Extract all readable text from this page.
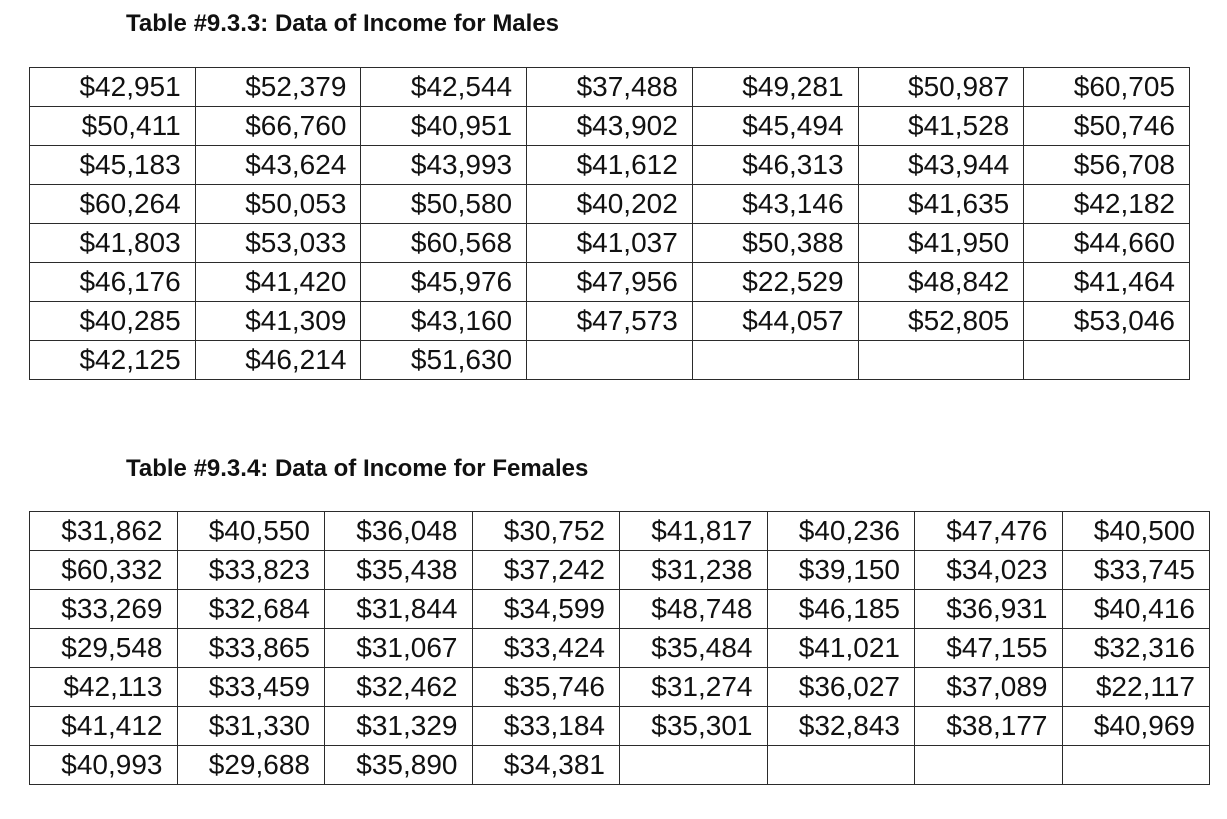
Table #9.3.3: Data of Income for Males
$42,951	$52,379	$42,544	$37,488	$49,281	$50,987	$60,705
$50,411	$66,760	$40,951	$43,902	$45,494	$41,528	$50,746
$45,183	$43,624	$43,993	$41,612	$46,313	$43,944	$56,708
$60,264	$50,053	$50,580	$40,202	$43,146	$41,635	$42,182
$41,803	$53,033	$60,568	$41,037	$50,388	$41,950	$44,660
$46,176	$41,420	$45,976	$47,956	$22,529	$48,842	$41,464
$40,285	$41,309	$43,160	$47,573	$44,057	$52,805	$53,046
$42,125	$46,214	$51,630				
Table #9.3.4: Data of Income for Females
$31,862	$40,550	$36,048	$30,752	$41,817	$40,236	$47,476	$40,500
$60,332	$33,823	$35,438	$37,242	$31,238	$39,150	$34,023	$33,745
$33,269	$32,684	$31,844	$34,599	$48,748	$46,185	$36,931	$40,416
$29,548	$33,865	$31,067	$33,424	$35,484	$41,021	$47,155	$32,316
$42,113	$33,459	$32,462	$35,746	$31,274	$36,027	$37,089	$22,117
$41,412	$31,330	$31,329	$33,184	$35,301	$32,843	$38,177	$40,969
$40,993	$29,688	$35,890	$34,381				
